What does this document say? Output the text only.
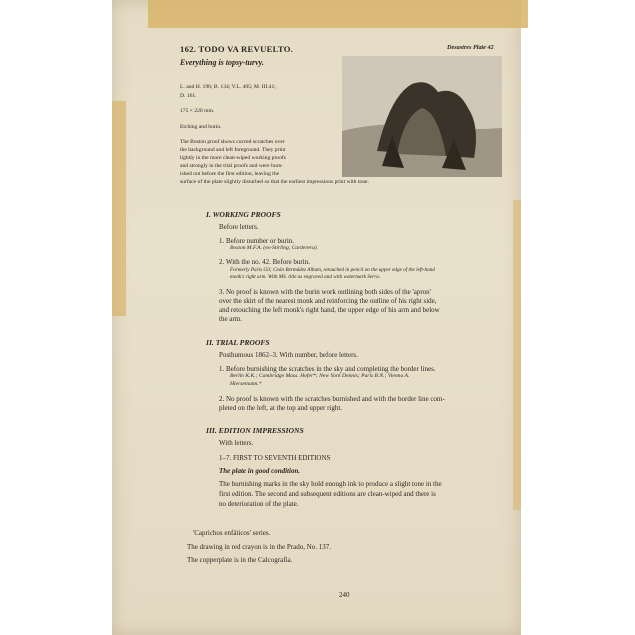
162. TODO VA REVUELTO.
Everything is topsy-turvy.
Desastres Plate 42
L. and H. 196; B. 134; V.L. 405; M. III.41;
D. 161.
175 × 220 mm.
Etching and burin.
The Boston proof shows curved scratches over
the background and left foreground. They print
lightly in the more clean-wiped working proofs
and strongly in the trial proofs and were burn-
ished out before the first edition, leaving the
surface of the plate slightly disturbed so that the earliest impressions print with tone.
I. WORKING PROOFS
Before letters.
1. Before number or burin.
Boston M.F.A. (ex-Stirling, Carderera).
2. With the no. 42. Before burin.
Formerly Paris Gil; Ceán Bermúdez Album, retouched in pencil on the upper edge of the left-hand
monk's right arm. With MS. title as engraved and with watermark Serra.
3. No proof is known with the burin work outlining both sides of the 'apron'
over the skirt of the nearest monk and reinforcing the outline of his right side,
and retouching the left monk's right hand, the upper edge of his arm and below
the arm.
II. TRIAL PROOFS
Posthumous 1862–3. With number, before letters.
1. Before burnishing the scratches in the sky and completing the border lines.
Berlin K.K.; Cambridge Mass. Hofer*; New York Dennis; Paris B.N.; Vienna A.
Hiersemann.*
2. No proof is known with the scratches burnished and with the border line com-
pleted on the left, at the top and upper right.
III. EDITION IMPRESSIONS
With letters.
1–7. FIRST TO SEVENTH EDITIONS
The plate in good condition.
The burnishing marks in the sky hold enough ink to produce a slight tone in the
first edition. The second and subsequent editions are clean-wiped and there is
no deterioration of the plate.
'Caprichos enfáticos' series.
The drawing in red crayon is in the Prado, No. 137.
The copperplate is in the Calcografía.
240
